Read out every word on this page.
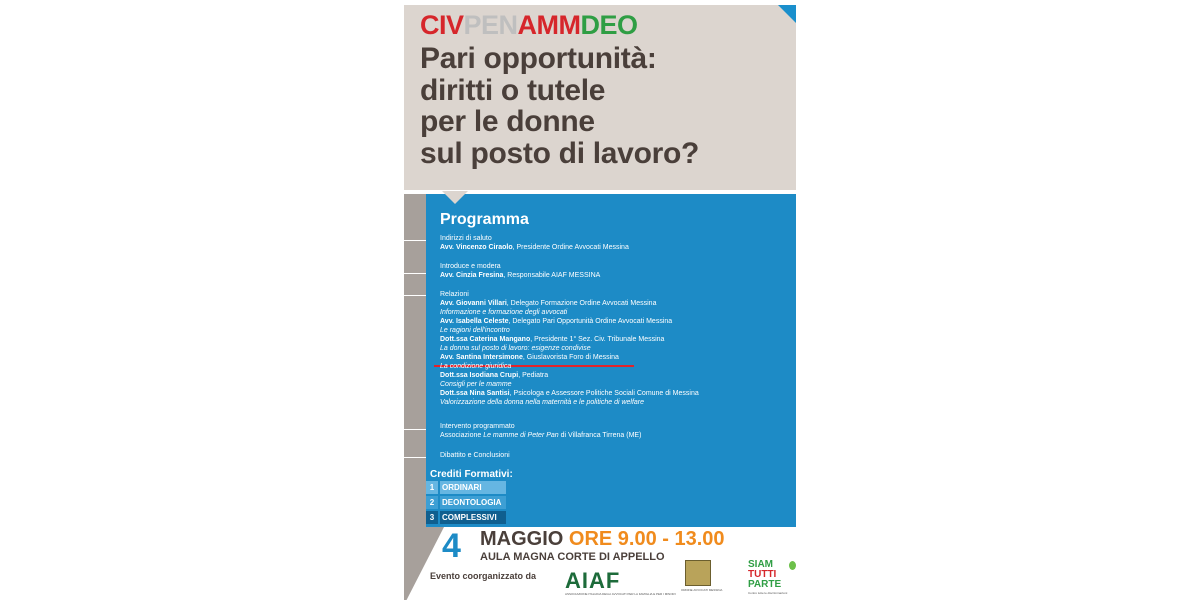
CIVPENAMMDEO
Pari opportunità:
diritti o tutele
per le donne
sul posto di lavoro?
Programma
Indirizzi di saluto
Avv. Vincenzo Ciraolo, Presidente Ordine Avvocati Messina
Introduce e modera
Avv. Cinzia Fresina, Responsabile AIAF MESSINA
Relazioni
Avv. Giovanni Villari, Delegato Formazione Ordine Avvocati Messina
Informazione e formazione degli avvocati
Avv. Isabella Celeste, Delegato Pari Opportunità Ordine Avvocati Messina
Le ragioni dell'incontro
Dott.ssa Caterina Mangano, Presidente 1° Sez. Civ. Tribunale Messina
La donna sul posto di lavoro: esigenze condivise
Avv. Santina Intersimone, Giuslavorista Foro di Messina
La condizione giuridica
Dott.ssa Isodiana Crupi, Pediatra
Consigli per le mamme
Dott.ssa Nina Santisi, Psicologa e Assessore Politiche Sociali Comune di Messina
Valorizzazione della donna nella maternità e le politiche di welfare
Intervento programmato
Associazione Le mamme di Peter Pan di Villafranca Tirrena (ME)
Dibattito e Conclusioni
Crediti Formativi:
1 ORDINARI
2 DEONTOLOGIA
3 COMPLESSIVI
4 MAGGIO ORE 9.00 - 13.00
AULA MAGNA CORTE DI APPELLO
Evento coorganizzato da AIAF
ASSOCIAZIONE ITALIANA DEGLI AVVOCATI PER LA FAMIGLIA E PER I MINORI
ORDINE AVVOCATI MESSINA
SIAM
TUTTI
PARTE
Contro tutte le discriminazioni
